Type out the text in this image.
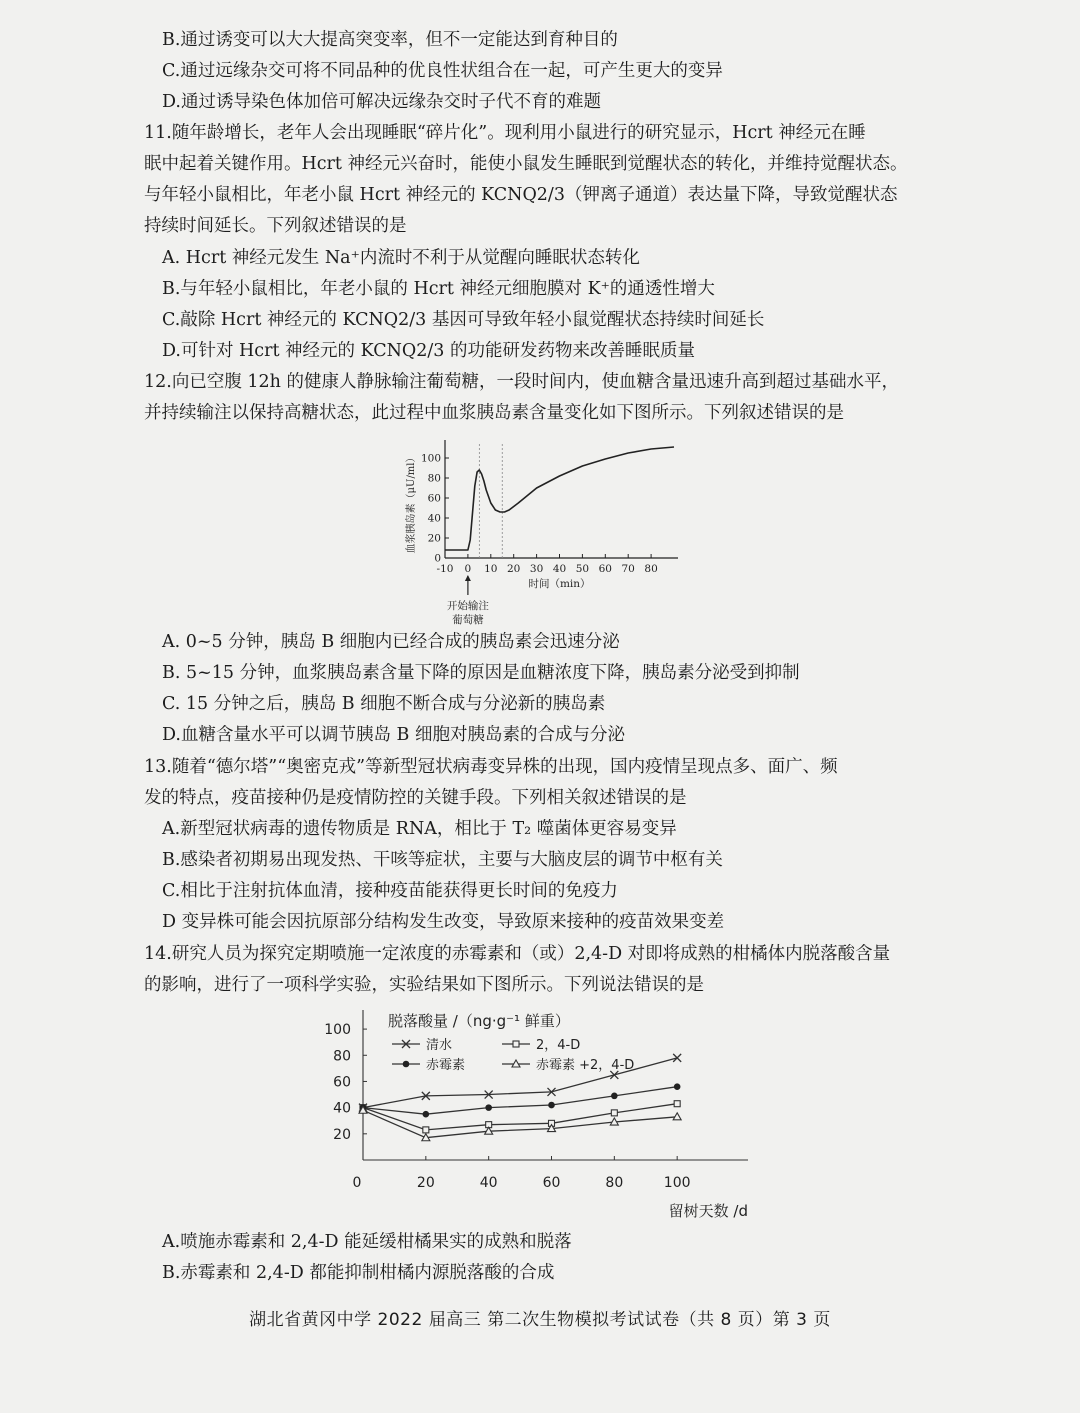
B.通过诱变可以大大提高突变率，但不一定能达到育种目的
C.通过远缘杂交可将不同品种的优良性状组合在一起，可产生更大的变异
D.通过诱导染色体加倍可解决远缘杂交时子代不育的难题
11.随年龄增长，老年人会出现睡眠“碎片化”。现利用小鼠进行的研究显示，Hcrt 神经元在睡
眠中起着关键作用。Hcrt 神经元兴奋时，能使小鼠发生睡眠到觉醒状态的转化，并维持觉醒状态。
与年轻小鼠相比，年老小鼠 Hcrt 神经元的 KCNQ2/3（钾离子通道）表达量下降，导致觉醒状态
持续时间延长。下列叙述错误的是
A. Hcrt 神经元发生 Na⁺内流时不利于从觉醒向睡眠状态转化
B.与年轻小鼠相比，年老小鼠的 Hcrt 神经元细胞膜对 K⁺的通透性增大
C.敲除 Hcrt 神经元的 KCNQ2/3 基因可导致年轻小鼠觉醒状态持续时间延长
D.可针对 Hcrt 神经元的 KCNQ2/3 的功能研发药物来改善睡眠质量
12.向已空腹 12h 的健康人静脉输注葡萄糖，一段时间内，使血糖含量迅速升高到超过基础水平，
并持续输注以保持高糖状态，此过程中血浆胰岛素含量变化如下图所示。下列叙述错误的是
0
20
40
60
80
100
-10 0 10 20 30 40 50 60 70 80
血浆胰岛素（μU/ml）
时间（min）
开始输注
葡萄糖
A. 0~5 分钟，胰岛 B 细胞内已经合成的胰岛素会迅速分泌
B. 5~15 分钟，血浆胰岛素含量下降的原因是血糖浓度下降，胰岛素分泌受到抑制
C. 15 分钟之后，胰岛 B 细胞不断合成与分泌新的胰岛素
D.血糖含量水平可以调节胰岛 B 细胞对胰岛素的合成与分泌
13.随着“德尔塔”“奥密克戎”等新型冠状病毒变异株的出现，国内疫情呈现点多、面广、频
发的特点，疫苗接种仍是疫情防控的关键手段。下列相关叙述错误的是
A.新型冠状病毒的遗传物质是 RNA，相比于 T₂ 噬菌体更容易变异
B.感染者初期易出现发热、干咳等症状，主要与大脑皮层的调节中枢有关
C.相比于注射抗体血清，接种疫苗能获得更长时间的免疫力
D 变异株可能会因抗原部分结构发生改变，导致原来接种的疫苗效果变差
14.研究人员为探究定期喷施一定浓度的赤霉素和（或）2,4-D 对即将成熟的柑橘体内脱落酸含量
的影响，进行了一项科学实验，实验结果如下图所示。下列说法错误的是
20
40
60
80
100
0	20	40	60	80	100
清水	2，4-D
赤霉素	赤霉素 +2，4-D
脱落酸量 /（ng·g⁻¹ 鲜重）
留树天数 /d
A.喷施赤霉素和 2,4-D 能延缓柑橘果实的成熟和脱落
B.赤霉素和 2,4-D 都能抑制柑橘内源脱落酸的合成
湖北省黄冈中学 2022 届高三 第二次生物模拟考试试卷（共 8 页）第 3 页
